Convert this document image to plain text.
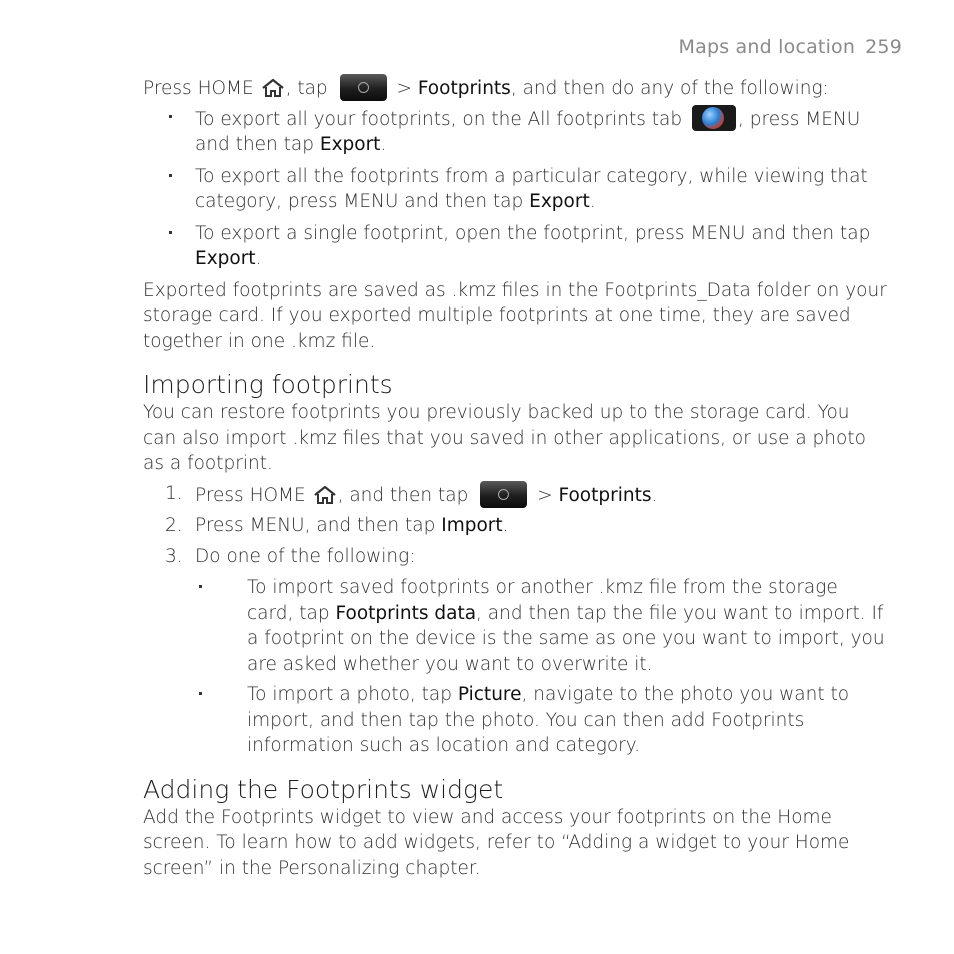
Maps and location 259

Press HOME , tap	> Footprints, and then do any of the following:

To export all your footprints, on the All footprints tab	, press MENU and then tap Export.
To export all the footprints from a particular category, while viewing that category, press MENU and then tap Export.
To export a single footprint, open the footprint, press MENU and then tap Export.

Exported footprints are saved as .kmz files in the Footprints_Data folder on your storage card. If you exported multiple footprints at one time, they are saved together in one .kmz file.

Importing footprints

You can restore footprints you previously backed up to the storage card. You can also import .kmz files that you saved in other applications, or use a photo as a footprint.

1. Press HOME , and then tap	> Footprints.
2. Press MENU, and then tap Import.
3. Do one of the following:
To import saved footprints or another .kmz file from the storage card, tap Footprints data, and then tap the file you want to import. If a footprint on the device is the same as one you want to import, you are asked whether you want to overwrite it.
To import a photo, tap Picture, navigate to the photo you want to import, and then tap the photo. You can then add Footprints information such as location and category.
Adding the Footprints widget

Add the Footprints widget to view and access your footprints on the Home screen. To learn how to add widgets, refer to “Adding a widget to your Home screen” in the Personalizing chapter.
